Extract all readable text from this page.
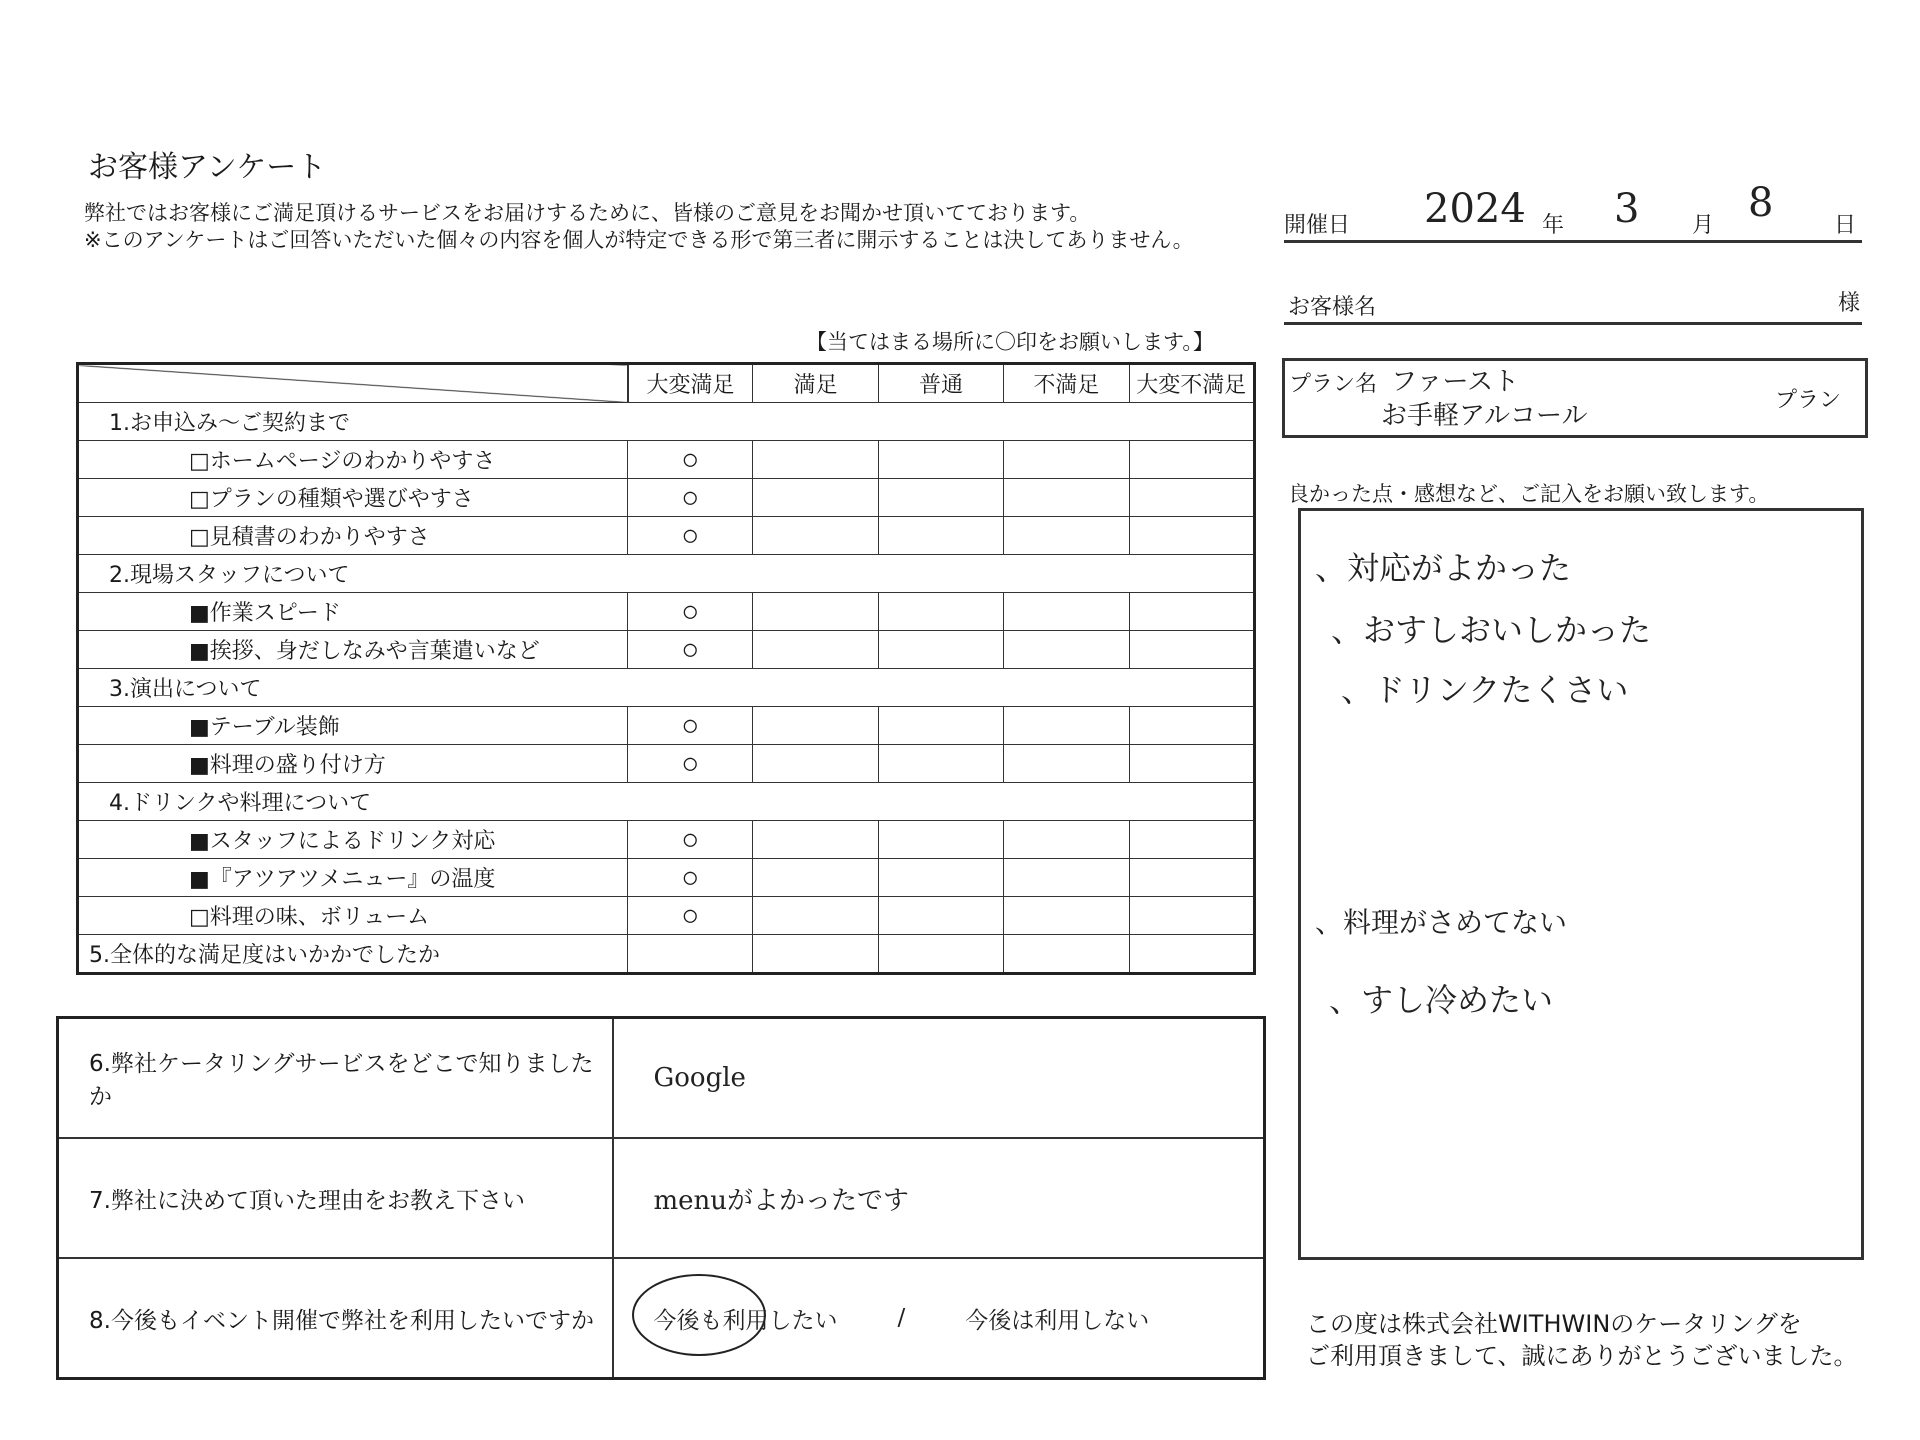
お客様アンケート
弊社ではお客様にご満足頂けるサービスをお届けするために、皆様のご意見をお聞かせ頂いてております。
※このアンケートはご回答いただいた個々の内容を個人が特定できる形で第三者に開示することは決してありません。
【当てはまる場所に〇印をお願いします。】
	大変満足	満足	普通	不満足	大変不満足
1.お申込み～ご契約まで					
□ホームページのわかりやすさ	○				
□プランの種類や選びやすさ	○				
□見積書のわかりやすさ	○				
2.現場スタッフについて					
■作業スピード	○				
■挨拶、身だしなみや言葉遣いなど	○				
3.演出について					
■テーブル装飾	○				
■料理の盛り付け方	○				
4.ドリンクや料理について					
■スタッフによるドリンク対応	○				
■『アツアツメニュー』の温度	○				
□料理の味、ボリューム	○				
5.全体的な満足度はいかかでしたか					
6.弊社ケータリングサービスをどこで知りましたか	Google
7.弊社に決めて頂いた理由をお教え下さい	menuがよかったです
8.今後もイベント開催で弊社を利用したいですか	今後も利用したい / 今後は利用しない
開催日 2024 年 3 月 8	日
お客様名	様
プラン名 ファースト
お手軽アルコール
プラン
良かった点・感想など、ご記入をお願い致します。
、対応がよかった
、おすしおいしかった
、ドリンクたくさい
、料理がさめてない
、すし冷めたい
この度は株式会社WITHWINのケータリングを
ご利用頂きまして、誠にありがとうございました。
